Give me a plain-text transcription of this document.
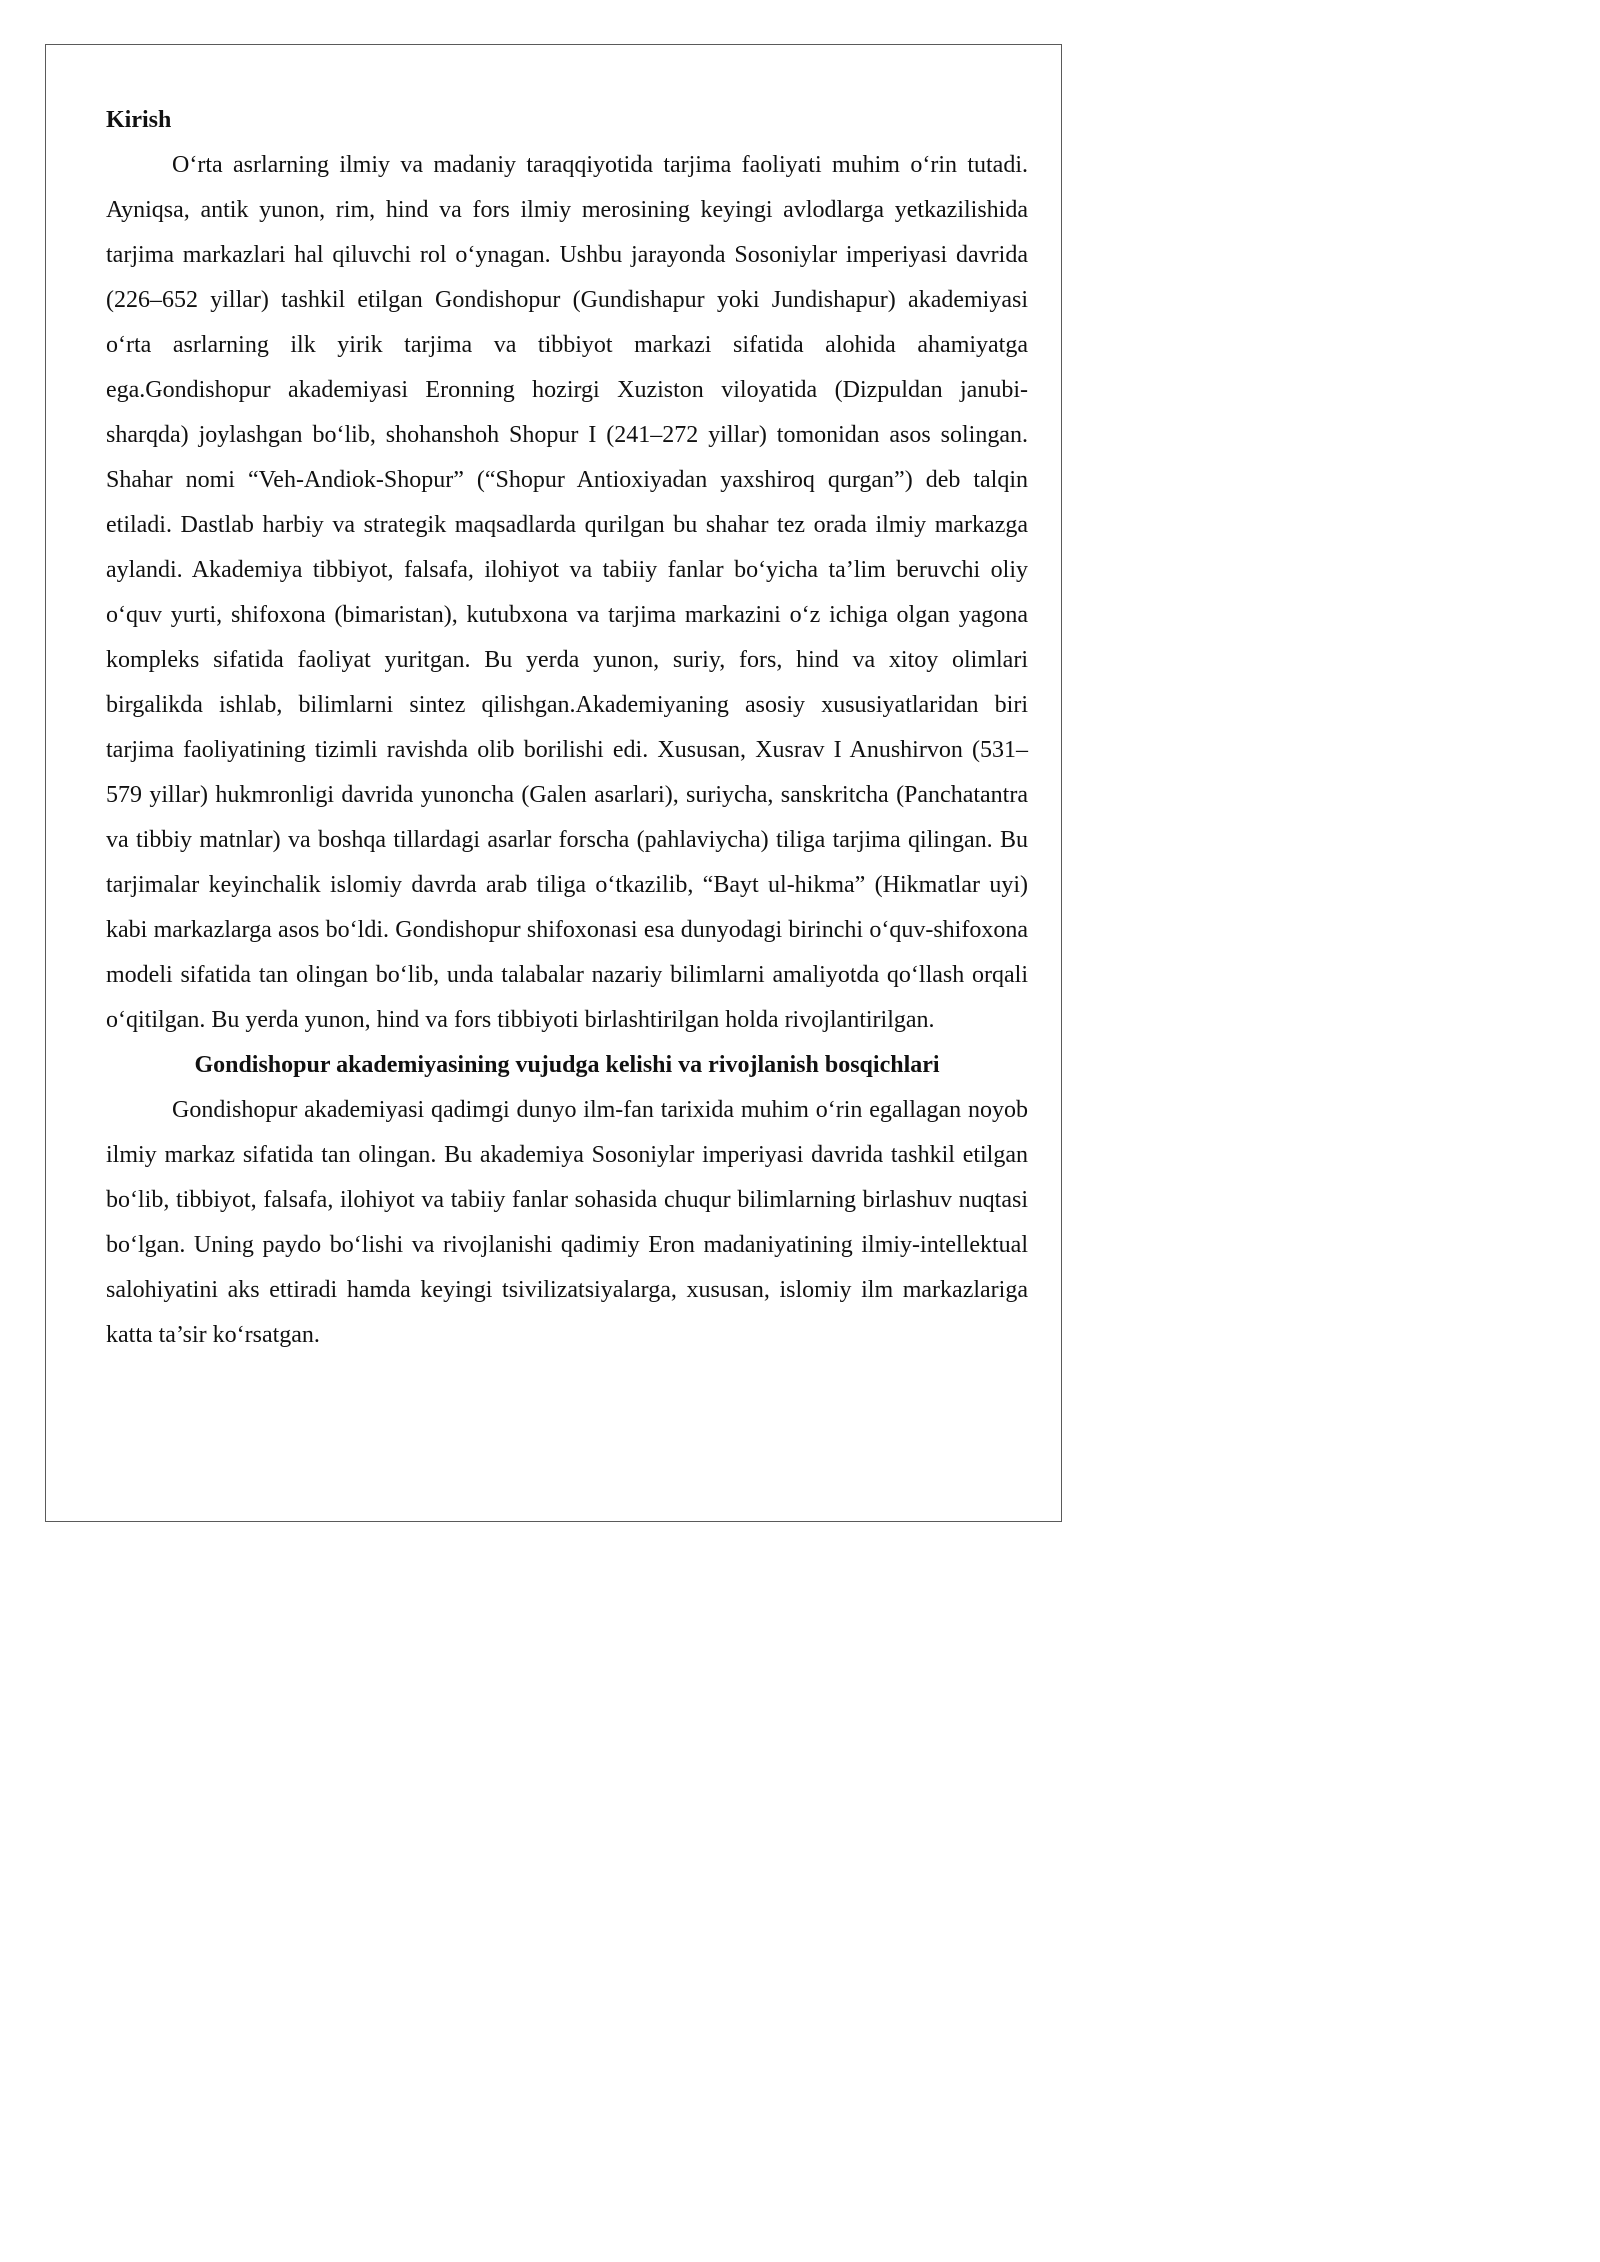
Kirish

O‘rta asrlarning ilmiy va madaniy taraqqiyotida tarjima faoliyati muhim o‘rin tutadi. Ayniqsa, antik yunon, rim, hind va fors ilmiy merosining keyingi avlodlarga yetkazilishida tarjima markazlari hal qiluvchi rol o‘ynagan. Ushbu jarayonda Sosoniylar imperiyasi davrida (226–652 yillar) tashkil etilgan Gondishopur (Gundishapur yoki Jundishapur) akademiyasi o‘rta asrlarning ilk yirik tarjima va tibbiyot markazi sifatida alohida ahamiyatga ega.Gondishopur akademiyasi Eronning hozirgi Xuziston viloyatida (Dizpuldan janubi-sharqda) joylashgan bo‘lib, shohanshoh Shopur I (241–272 yillar) tomonidan asos solingan. Shahar nomi “Veh-Andiok-Shopur” (“Shopur Antioxiyadan yaxshiroq qurgan”) deb talqin etiladi. Dastlab harbiy va strategik maqsadlarda qurilgan bu shahar tez orada ilmiy markazga aylandi. Akademiya tibbiyot, falsafa, ilohiyot va tabiiy fanlar bo‘yicha ta’lim beruvchi oliy o‘quv yurti, shifoxona (bimaristan), kutubxona va tarjima markazini o‘z ichiga olgan yagona kompleks sifatida faoliyat yuritgan. Bu yerda yunon, suriy, fors, hind va xitoy olimlari birgalikda ishlab, bilimlarni sintez qilishgan.Akademiyaning asosiy xususiyatlaridan biri tarjima faoliyatining tizimli ravishda olib borilishi edi. Xususan, Xusrav I Anushirvon (531–579 yillar) hukmronligi davrida yunoncha (Galen asarlari), suriycha, sanskritcha (Panchatantra va tibbiy matnlar) va boshqa tillardagi asarlar forscha (pahlaviycha) tiliga tarjima qilingan. Bu tarjimalar keyinchalik islomiy davrda arab tiliga o‘tkazilib, “Bayt ul-hikma” (Hikmatlar uyi) kabi markazlarga asos bo‘ldi. Gondishopur shifoxonasi esa dunyodagi birinchi o‘quv-shifoxona modeli sifatida tan olingan bo‘lib, unda talabalar nazariy bilimlarni amaliyotda qo‘llash orqali o‘qitilgan. Bu yerda yunon, hind va fors tibbiyoti birlashtirilgan holda rivojlantirilgan.

Gondishopur akademiyasining vujudga kelishi va rivojlanish bosqichlari

Gondishopur akademiyasi qadimgi dunyo ilm-fan tarixida muhim o‘rin egallagan noyob ilmiy markaz sifatida tan olingan. Bu akademiya Sosoniylar imperiyasi davrida tashkil etilgan bo‘lib, tibbiyot, falsafa, ilohiyot va tabiiy fanlar sohasida chuqur bilimlarning birlashuv nuqtasi bo‘lgan. Uning paydo bo‘lishi va rivojlanishi qadimiy Eron madaniyatining ilmiy-intellektual salohiyatini aks ettiradi hamda keyingi tsivilizatsiyalarga, xususan, islomiy ilm markazlariga katta ta’sir ko‘rsatgan.
